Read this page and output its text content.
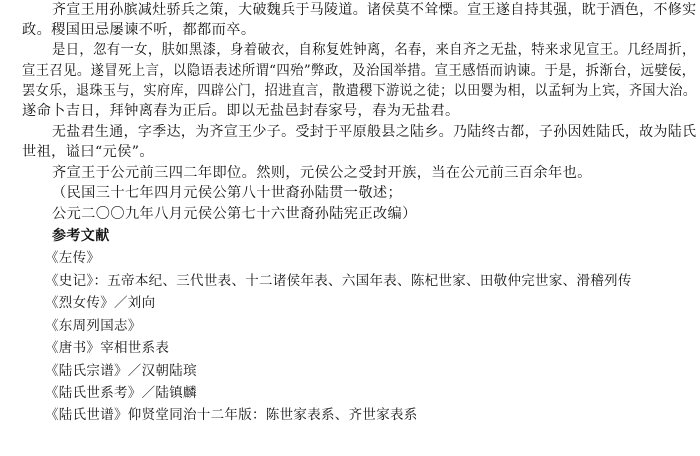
齐宣王用孙膑减灶骄兵之策，大破魏兵于马陵道。诸侯莫不耸慄。宣王遂自持其强，眈于酒色，不修实
政。稷国田忌屡谏不听，都都而卒。
是日，忽有一女，肤如黑漆，身着破衣，自称复姓钟离，名春，来自齐之无盐，特来求见宣王。几经周折，
宣王召见。遂冒死上言，以隐语表述所谓“四殆”弊政，及治国举措。宣王感悟而讷谏。于是，拆渐台，远嬖佞，
罢女乐，退珠玉与，实府库，四辟公门，招进直言，散遣稷下游说之徒；以田婴为相，以孟轲为上宾，齐国大治。
遂命卜吉日，拜钟离春为正后。即以无盐邑封春家号，春为无盐君。
无盐君生通，字季达，为齐宣王少子。受封于平原般县之陆乡。乃陆终古都，子孙因姓陆氏，故为陆氏
世祖，谥曰“元侯”。
齐宣王于公元前三四二年即位。然则，元侯公之受封开族，当在公元前三百余年也。
（民国三十七年四月元侯公第八十世裔孙陆贯一敬述；
公元二〇〇九年八月元侯公第七十六世裔孙陆宪正改编）
参考文献
《左传》
《史记》：五帝本纪、三代世表、十二诸侯年表、六国年表、陈杞世家、田敬仲完世家、滑稽列传
《烈女传》／刘向
《东周列国志》
《唐书》宰相世系表
《陆氏宗谱》／汉朝陆瑸
《陆氏世系考》／陆镇麟
《陆氏世谱》仰贤堂同治十二年版：陈世家表系、齐世家表系
